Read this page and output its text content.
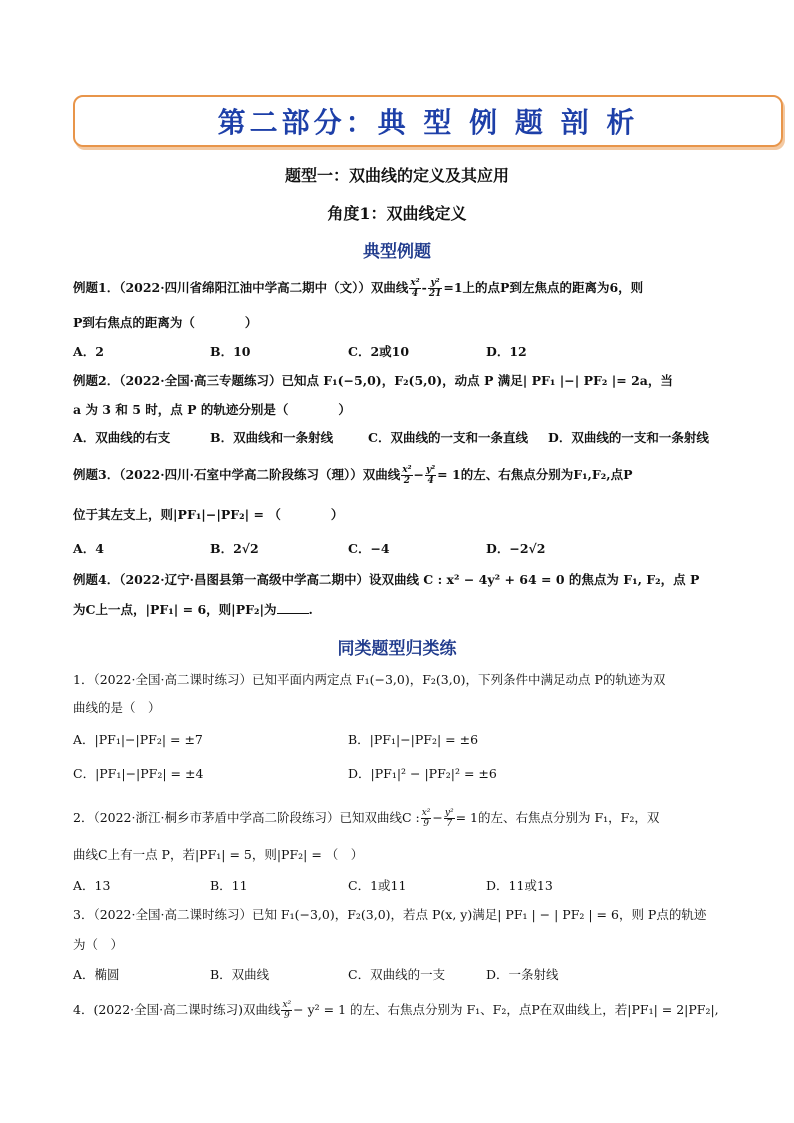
第二部分：典 型 例 题 剖 析
题型一：双曲线的定义及其应用
角度1：双曲线定义
典型例题
例题1．（2022·四川省绵阳江油中学高二期中（文））双曲线 $\frac{\text{x²}}{4} - \frac{\text{y²}}{21} =1$上的点P到左焦点的距离为6，则
P到右焦点的距离为（　　　　）
A．2	B．10	C．2或10	D．12
例题2．（2022·全国·高三专题练习）已知点 F₁(−5,0)，F₂(5,0)，动点 P 满足| PF₁ |−| PF₂ |= 2a，当
a 为 3 和 5 时，点 P 的轨迹分别是（　　　　）
A．双曲线的右支	B．双曲线和一条射线	C．双曲线的一支和一条直线 D．双曲线的一支和一条射线
例题3．（2022·四川·石室中学高二阶段练习（理））双曲线 $\frac{\text{x²}}{2} - \frac{\text{y²}}{4} = 1$的左、右焦点分别为F₁,F₂,点P
位于其左支上，则|PF₁|−|PF₂| = （　　　　）
A．4	B．2√2	C．−4	D．−2√2
例题4．（2022·辽宁·昌图县第一高级中学高二期中）设双曲线 C : x² − 4y² + 64 = 0 的焦点为 F₁, F₂，点 P
为C上一点，|PF₁| = 6，则|PF₂|为	.
同类题型归类练
1．（2022·全国·高二课时练习）已知平面内两定点 F₁(−3,0)，F₂(3,0)，下列条件中满足动点 P的轨迹为双
曲线的是（　）
A．|PF₁|−|PF₂| = ±7	B．|PF₁|−|PF₂| = ±6
C．|PF₁|−|PF₂| = ±4	D．|PF₁|² − |PF₂|² = ±6
2．（2022·浙江·桐乡市茅盾中学高二阶段练习）已知双曲线C : $\frac{\text{x²}}{9} - \frac{\text{y²}}{7} = 1$的左、右焦点分别为 F₁，F₂，双
曲线C上有一点 P，若|PF₁| = 5，则|PF₂| = （　）
A．13	B．11	C．1或11	D．11或13
3．（2022·全国·高二课时练习）已知 F₁(−3,0)，F₂(3,0)，若点 P(x, y)满足| PF₁ | − | PF₂ | = 6，则 P点的轨迹
为（　）
A．椭圆	B．双曲线	C．双曲线的一支	D．一条射线
4．(2022·全国·高二课时练习)双曲线 $\frac{\text{x²}}{9} - y^2 = 1$ 的左、右焦点分别为 F₁、F₂，点P在双曲线上，若|PF₁| = 2|PF₂|,
